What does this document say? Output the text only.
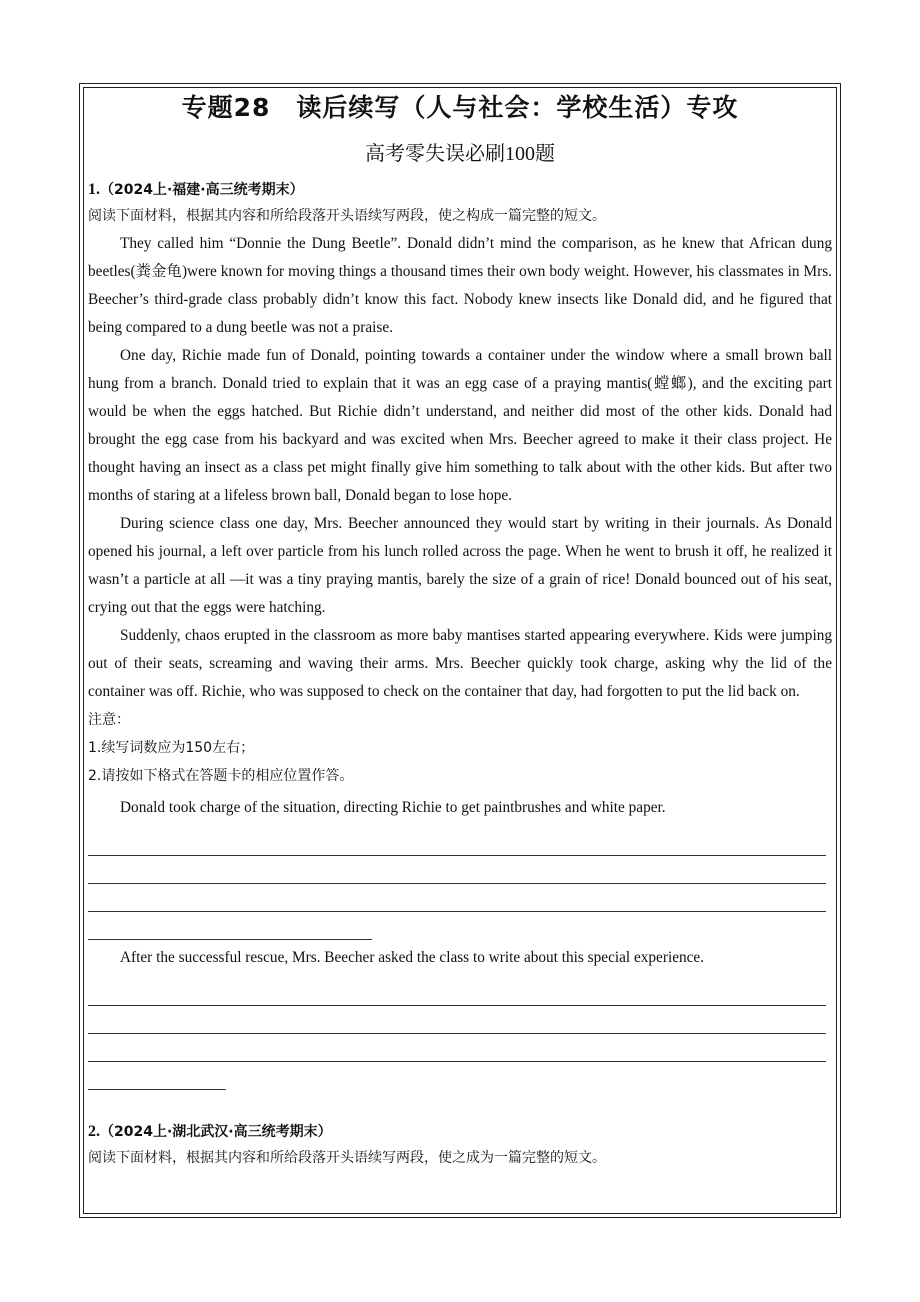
专题28　读后续写（人与社会：学校生活）专攻
高考零失误必刷100题
1.（2024上·福建·高三统考期末）
阅读下面材料，根据其内容和所给段落开头语续写两段，使之构成一篇完整的短文。

They called him “Donnie the Dung Beetle”. Donald didn’t mind the comparison, as he knew that African dung beetles(粪金龟)were known for moving things a thousand times their own body weight. However, his classmates in Mrs. Beecher’s third-grade class probably didn’t know this fact. Nobody knew insects like Donald did, and he figured that being compared to a dung beetle was not a praise.

One day, Richie made fun of Donald, pointing towards a container under the window where a small brown ball hung from a branch. Donald tried to explain that it was an egg case of a praying mantis(螳螂), and the exciting part would be when the eggs hatched. But Richie didn’t understand, and neither did most of the other kids. Donald had brought the egg case from his backyard and was excited when Mrs. Beecher agreed to make it their class project. He thought having an insect as a class pet might finally give him something to talk about with the other kids. But after two months of staring at a lifeless brown ball, Donald began to lose hope.

During science class one day, Mrs. Beecher announced they would start by writing in their journals. As Donald opened his journal, a left over particle from his lunch rolled across the page. When he went to brush it off, he realized it wasn’t a particle at all —it was a tiny praying mantis, barely the size of a grain of rice! Donald bounced out of his seat, crying out that the eggs were hatching.

Suddenly, chaos erupted in the classroom as more baby mantises started appearing everywhere. Kids were jumping out of their seats, screaming and waving their arms. Mrs. Beecher quickly took charge, asking why the lid of the container was off. Richie, who was supposed to check on the container that day, had forgotten to put the lid back on.

注意：
1.续写词数应为150左右；
2.请按如下格式在答题卡的相应位置作答。

Donald took charge of the situation, directing Richie to get paintbrushes and white paper.

After the successful rescue, Mrs. Beecher asked the class to write about this special experience.

2.（2024上·湖北武汉·高三统考期末）
阅读下面材料，根据其内容和所给段落开头语续写两段，使之成为一篇完整的短文。
